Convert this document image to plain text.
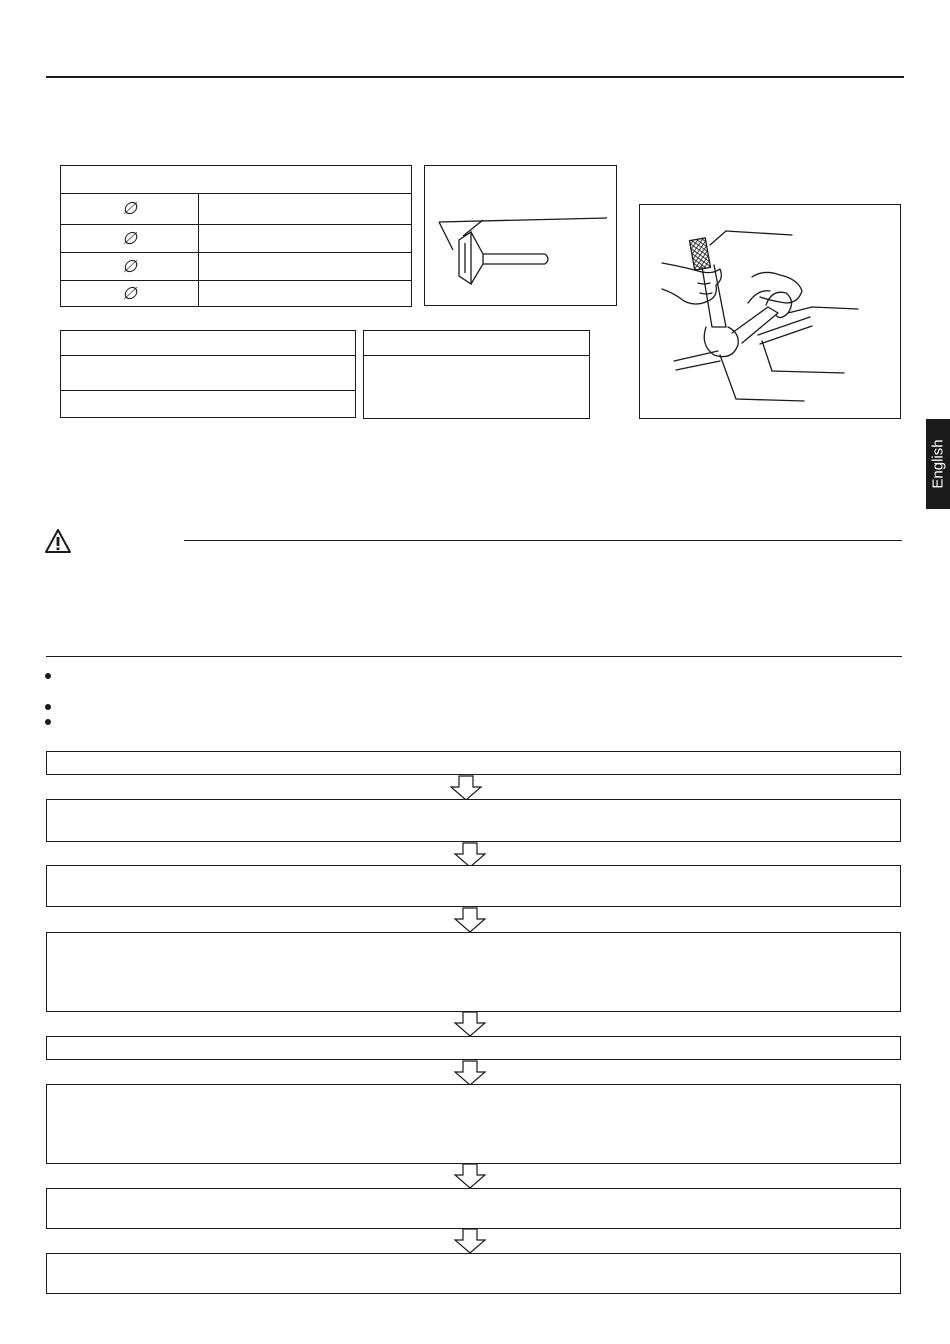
∅	
∅	
∅	
∅	

English
